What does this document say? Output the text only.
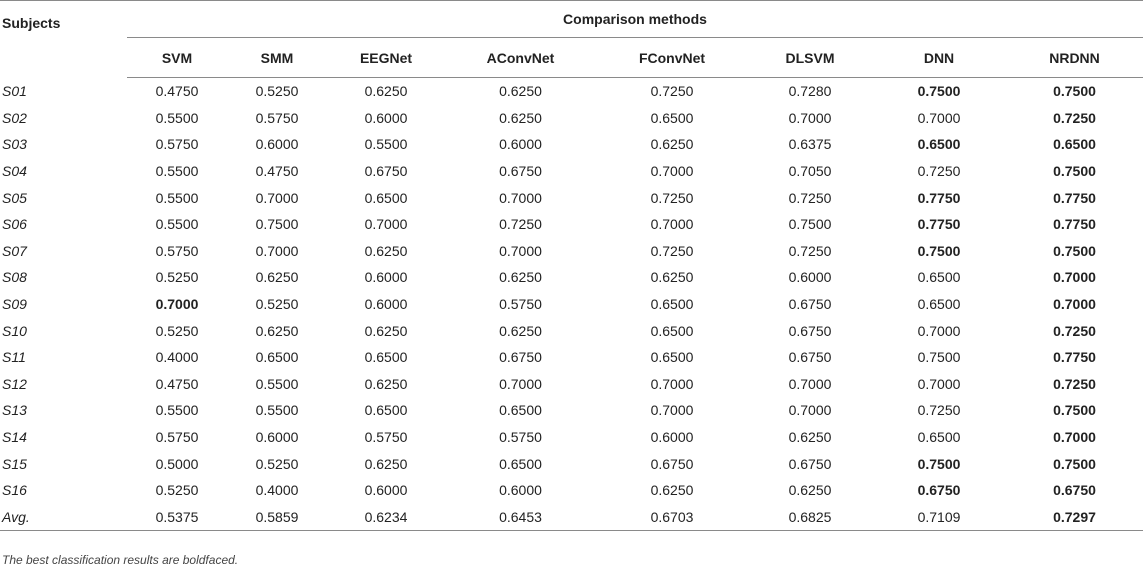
Subjects	Comparison methods							
	SVM	SMM	EEGNet	AConvNet	FConvNet	DLSVM	DNN	NRDNN
S01	0.4750	0.5250	0.6250	0.6250	0.7250	0.7280	0.7500	0.7500
S02	0.5500	0.5750	0.6000	0.6250	0.6500	0.7000	0.7000	0.7250
S03	0.5750	0.6000	0.5500	0.6000	0.6250	0.6375	0.6500	0.6500
S04	0.5500	0.4750	0.6750	0.6750	0.7000	0.7050	0.7250	0.7500
S05	0.5500	0.7000	0.6500	0.7000	0.7250	0.7250	0.7750	0.7750
S06	0.5500	0.7500	0.7000	0.7250	0.7000	0.7500	0.7750	0.7750
S07	0.5750	0.7000	0.6250	0.7000	0.7250	0.7250	0.7500	0.7500
S08	0.5250	0.6250	0.6000	0.6250	0.6250	0.6000	0.6500	0.7000
S09	0.7000	0.5250	0.6000	0.5750	0.6500	0.6750	0.6500	0.7000
S10	0.5250	0.6250	0.6250	0.6250	0.6500	0.6750	0.7000	0.7250
S11	0.4000	0.6500	0.6500	0.6750	0.6500	0.6750	0.7500	0.7750
S12	0.4750	0.5500	0.6250	0.7000	0.7000	0.7000	0.7000	0.7250
S13	0.5500	0.5500	0.6500	0.6500	0.7000	0.7000	0.7250	0.7500
S14	0.5750	0.6000	0.5750	0.5750	0.6000	0.6250	0.6500	0.7000
S15	0.5000	0.5250	0.6250	0.6500	0.6750	0.6750	0.7500	0.7500
S16	0.5250	0.4000	0.6000	0.6000	0.6250	0.6250	0.6750	0.6750
Avg.	0.5375	0.5859	0.6234	0.6453	0.6703	0.6825	0.7109	0.7297
The best classification results are boldfaced.
